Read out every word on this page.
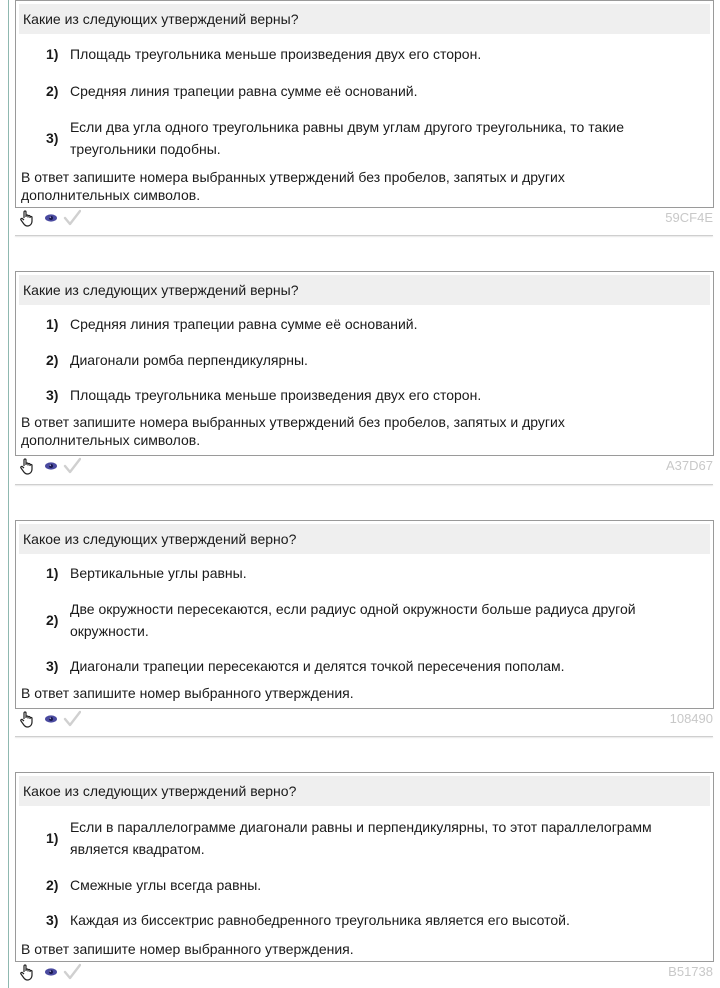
Какие из следующих утверждений верны?
1) Площадь треугольника меньше произведения двух его сторон.
2) Средняя линия трапеции равна сумме её оснований.
3)
Если два угла одного треугольника равны двум углам другого треугольника, то такие треугольники подобны.
В ответ запишите номера выбранных утверждений без пробелов, запятых и других дополнительных символов.
59CF4E
Какие из следующих утверждений верны?
1) Средняя линия трапеции равна сумме её оснований.
2) Диагонали ромба перпендикулярны.
3) Площадь треугольника меньше произведения двух его сторон.
В ответ запишите номера выбранных утверждений без пробелов, запятых и других дополнительных символов.
A37D67
Какое из следующих утверждений верно?
1) Вертикальные углы равны.
2)
Две окружности пересекаются, если радиус одной окружности больше радиуса другой окружности.
3) Диагонали трапеции пересекаются и делятся точкой пересечения пополам.
В ответ запишите номер выбранного утверждения.
108490
Какое из следующих утверждений верно?
1)
Если в параллелограмме диагонали равны и перпендикулярны, то этот параллелограмм является квадратом.
2) Смежные углы всегда равны.
3) Каждая из биссектрис равнобедренного треугольника является его высотой.
В ответ запишите номер выбранного утверждения.
B51738
